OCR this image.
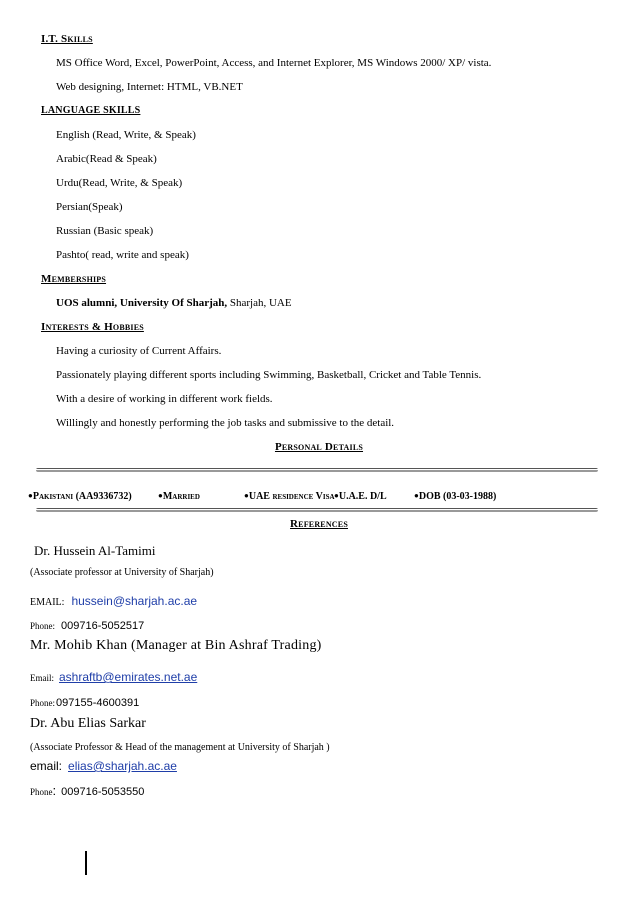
I.T. Skills
MS Office Word, Excel, PowerPoint, Access, and Internet Explorer, MS Windows 2000/ XP/ vista.
Web designing, Internet: HTML, VB.NET
LANGUAGE SKILLS
English (Read, Write, & Speak)
Arabic(Read & Speak)
Urdu(Read, Write, & Speak)
Persian(Speak)
Russian (Basic speak)
Pashto( read, write and speak)
Memberships
UOS alumni, University Of Sharjah, Sharjah, UAE
Interests & Hobbies
Having a curiosity of Current Affairs.
Passionately playing different sports including Swimming, Basketball, Cricket and Table Tennis.
With a desire of working in different work fields.
Willingly and honestly performing the job tasks and submissive to the detail.
Personal Details
●Pakistani (AA9336732)	●Married	●UAE residence Visa ●U.A.E. D/L	●DOB (03-03-1988)
References
Dr. Hussein Al-Tamimi
(Associate professor at University of Sharjah)
EMAIL: hussein@sharjah.ac.ae
Phone: 009716-5052517
Mr. Mohib Khan (Manager at Bin Ashraf Trading)
Email: ashraftb@emirates.net.ae
Phone:097155-4600391
Dr. Abu Elias Sarkar
(Associate Professor & Head of the management at University of Sharjah )
email: elias@sharjah.ac.ae
Phone: 009716-5053550
